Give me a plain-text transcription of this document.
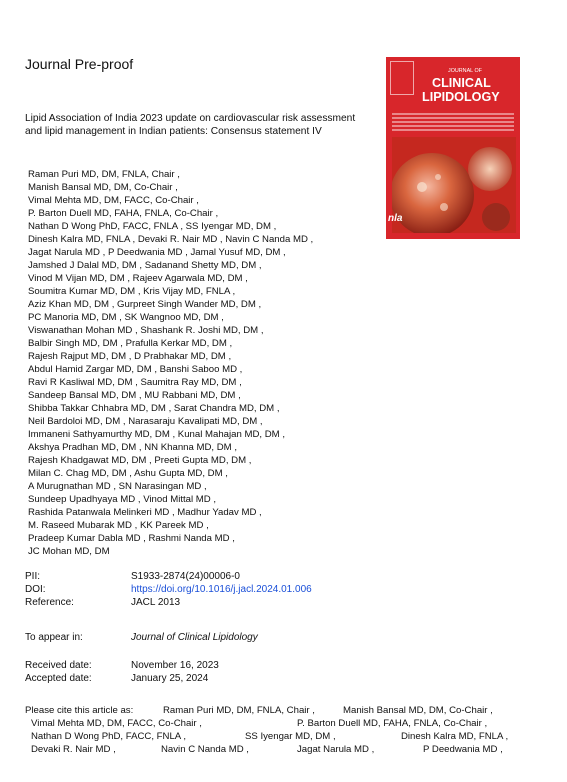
Journal Pre-proof
Lipid Association of India 2023 update on cardiovascular risk assessment and lipid management in Indian patients: Consensus statement IV
Raman Puri MD, DM, FNLA, Chair ,
Manish Bansal MD, DM, Co-Chair ,
Vimal Mehta MD, DM, FACC, Co-Chair ,
P. Barton Duell MD, FAHA, FNLA, Co-Chair ,
Nathan D Wong PhD, FACC, FNLA , SS Iyengar MD, DM ,
Dinesh Kalra MD, FNLA , Devaki R. Nair MD , Navin C Nanda MD ,
Jagat Narula MD , P Deedwania MD , Jamal Yusuf MD, DM ,
Jamshed J Dalal MD, DM , Sadanand Shetty MD, DM ,
Vinod M Vijan MD, DM , Rajeev Agarwala MD, DM ,
Soumitra Kumar MD, DM , Kris Vijay MD, FNLA ,
Aziz Khan MD, DM , Gurpreet Singh Wander MD, DM ,
PC Manoria MD, DM , SK Wangnoo MD, DM ,
Viswanathan Mohan MD , Shashank R. Joshi MD, DM ,
Balbir Singh MD, DM , Prafulla Kerkar MD, DM ,
Rajesh Rajput MD, DM , D Prabhakar MD, DM ,
Abdul Hamid Zargar MD, DM , Banshi Saboo MD ,
Ravi R Kasliwal MD, DM , Saumitra Ray MD, DM ,
Sandeep Bansal MD, DM , MU Rabbani MD, DM ,
Shibba Takkar Chhabra MD, DM , Sarat Chandra MD, DM ,
Neil Bardoloi MD, DM , Narasaraju Kavalipati MD, DM ,
Immaneni Sathyamurthy MD, DM , Kunal Mahajan MD, DM ,
Akshya Pradhan MD, DM , NN Khanna MD, DM ,
Rajesh Khadgawat MD, DM , Preeti Gupta MD, DM ,
Milan C. Chag MD, DM , Ashu Gupta MD, DM ,
A Murugnathan MD , SN Narasingan MD ,
Sundeep Upadhyaya MD , Vinod Mittal MD ,
Rashida Patanwala Melinkeri MD , Madhur Yadav MD ,
M. Raseed Mubarak MD , KK Pareek MD ,
Pradeep Kumar Dabla MD , Rashmi Nanda MD ,
JC Mohan MD, DM
JOURNAL OF
CLINICAL
LIPIDOLOGY
nla
PII:	S1933-2874(24)00006-0
DOI:	https://doi.org/10.1016/j.jacl.2024.01.006
Reference:	JACL 2013
To appear in:	Journal of Clinical Lipidology
Received date:	November 16, 2023
Accepted date:	January 25, 2024
Please cite this article as:	Raman Puri MD, DM, FNLA, Chair ,	Manish Bansal MD, DM, Co-Chair ,
Vimal Mehta MD, DM, FACC, Co-Chair ,	P. Barton Duell MD, FAHA, FNLA, Co-Chair ,
Nathan D Wong PhD, FACC, FNLA ,	SS Iyengar MD, DM ,	Dinesh Kalra MD, FNLA ,
Devaki R. Nair MD ,	Navin C Nanda MD ,	Jagat Narula MD ,	P Deedwania MD ,
